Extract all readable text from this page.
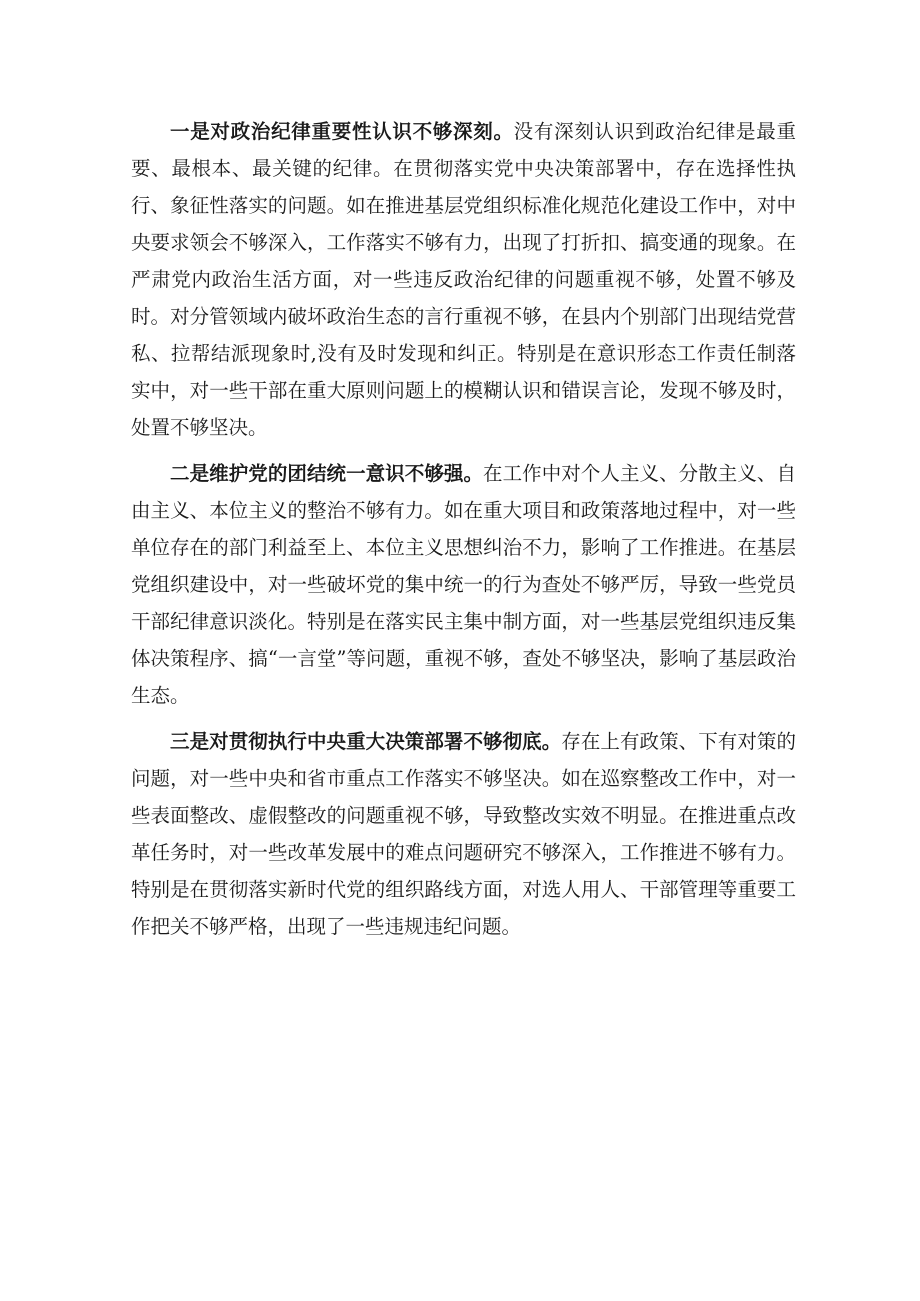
一是对政治纪律重要性认识不够深刻。没有深刻认识到政治纪律是最重要、最根本、最关键的纪律。在贯彻落实党中央决策部署中，存在选择性执行、象征性落实的问题。如在推进基层党组织标准化规范化建设工作中，对中央要求领会不够深入，工作落实不够有力，出现了打折扣、搞变通的现象。在严肃党内政治生活方面，对一些违反政治纪律的问题重视不够，处置不够及时。对分管领域内破坏政治生态的言行重视不够，在县内个别部门出现结党营私、拉帮结派现象时,没有及时发现和纠正。特别是在意识形态工作责任制落实中，对一些干部在重大原则问题上的模糊认识和错误言论，发现不够及时，处置不够坚决。

二是维护党的团结统一意识不够强。在工作中对个人主义、分散主义、自由主义、本位主义的整治不够有力。如在重大项目和政策落地过程中，对一些单位存在的部门利益至上、本位主义思想纠治不力，影响了工作推进。在基层党组织建设中，对一些破坏党的集中统一的行为查处不够严厉，导致一些党员干部纪律意识淡化。特别是在落实民主集中制方面，对一些基层党组织违反集体决策程序、搞“一言堂”等问题，重视不够，查处不够坚决，影响了基层政治生态。

三是对贯彻执行中央重大决策部署不够彻底。存在上有政策、下有对策的问题，对一些中央和省市重点工作落实不够坚决。如在巡察整改工作中，对一些表面整改、虚假整改的问题重视不够，导致整改实效不明显。在推进重点改革任务时，对一些改革发展中的难点问题研究不够深入，工作推进不够有力。特别是在贯彻落实新时代党的组织路线方面，对选人用人、干部管理等重要工作把关不够严格，出现了一些违规违纪问题。
